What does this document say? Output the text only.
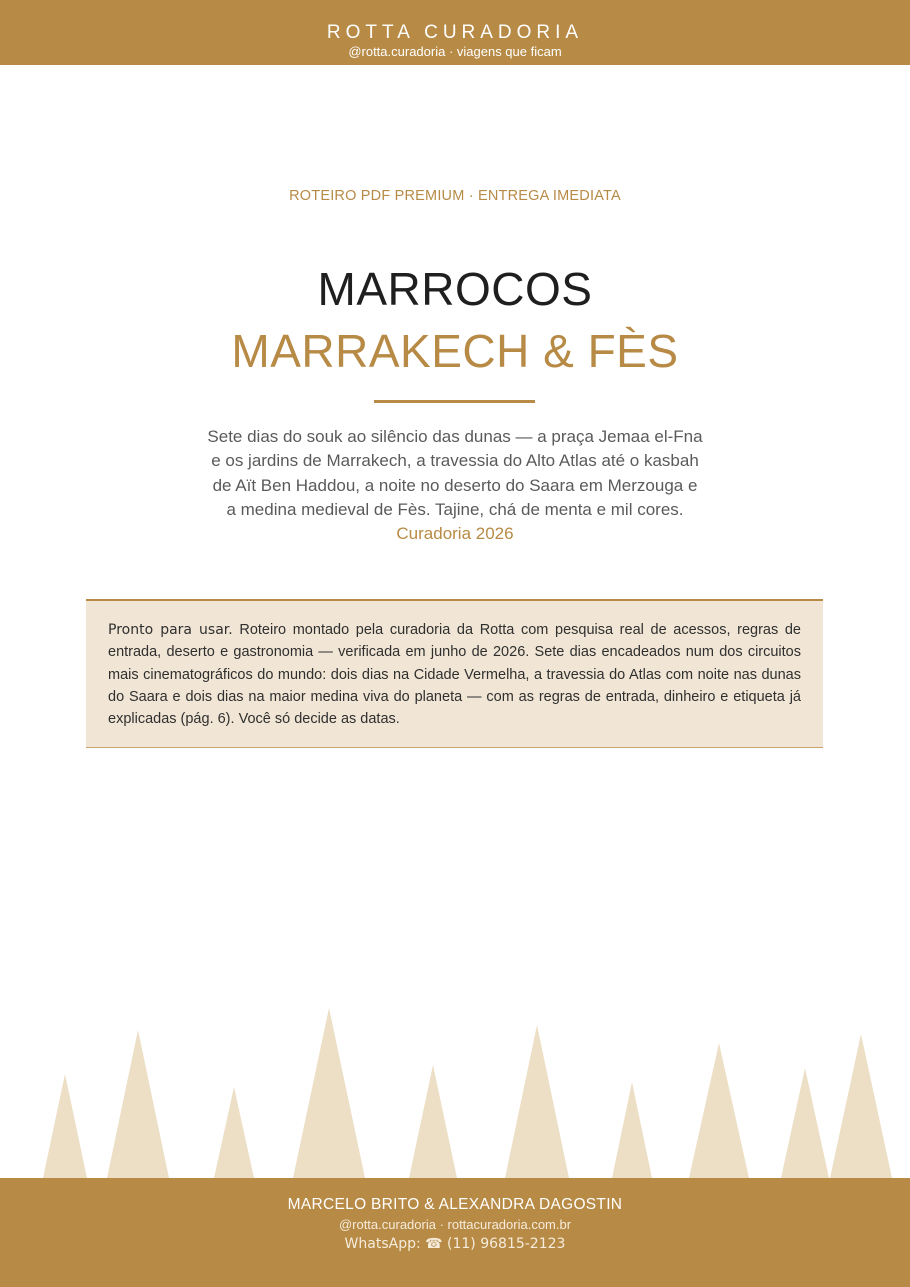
ROTTA CURADORIA
@rotta.curadoria · viagens que ficam
ROTEIRO PDF PREMIUM · ENTREGA IMEDIATA
MARROCOS
MARRAKECH & FÈS
Sete dias do souk ao silêncio das dunas — a praça Jemaa el-Fna
e os jardins de Marrakech, a travessia do Alto Atlas até o kasbah
de Aït Ben Haddou, a noite no deserto do Saara em Merzouga e
a medina medieval de Fès. Tajine, chá de menta e mil cores.
Curadoria 2026

Pronto para usar. Roteiro montado pela curadoria da Rotta com pesquisa real de acessos, regras de entrada, deserto e gastronomia — verificada em junho de 2026. Sete dias encadeados num dos circuitos mais cinematográficos do mundo: dois dias na Cidade Vermelha, a travessia do Atlas com noite nas dunas do Saara e dois dias na maior medina viva do planeta — com as regras de entrada, dinheiro e etiqueta já explicadas (pág. 6). Você só decide as datas.

MARCELO BRITO & ALEXANDRA DAGOSTIN
@rotta.curadoria · rottacuradoria.com.br
WhatsApp: ☎ (11) 96815-2123
